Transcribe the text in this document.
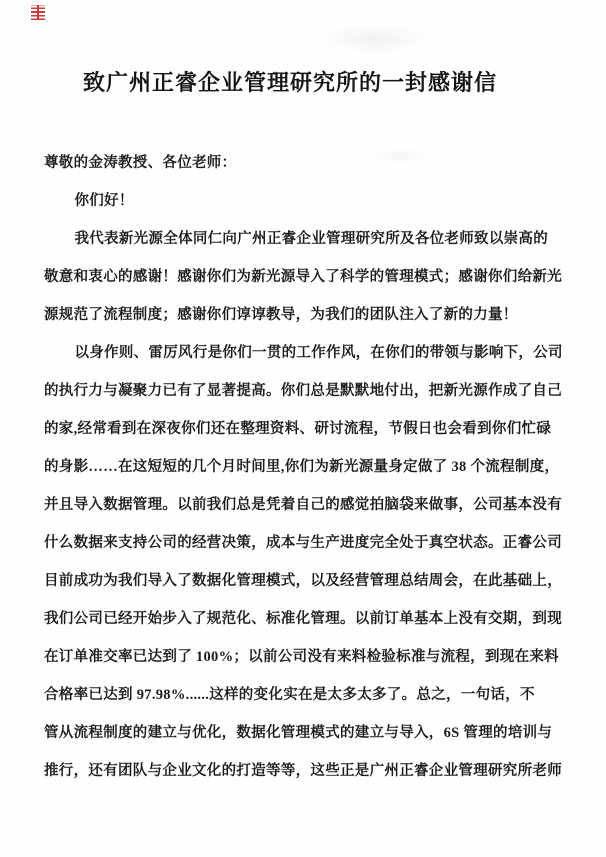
致广州正睿企业管理研究所的一封感谢信
尊敬的金涛教授、各位老师：
你们好！
我代表新光源全体同仁向广州正睿企业管理研究所及各位老师致以崇高的
敬意和衷心的感谢！感谢你们为新光源导入了科学的管理模式；感谢你们给新光
源规范了流程制度；感谢你们谆谆教导，为我们的团队注入了新的力量！
以身作则、雷厉风行是你们一贯的工作作风，在你们的带领与影响下，公司
的执行力与凝聚力已有了显著提高。你们总是默默地付出，把新光源作成了自己
的家,经常看到在深夜你们还在整理资料、研讨流程，节假日也会看到你们忙碌
的身影……在这短短的几个月时间里,你们为新光源量身定做了 38 个流程制度，
并且导入数据管理。以前我们总是凭着自己的感觉拍脑袋来做事，公司基本没有
什么数据来支持公司的经营决策，成本与生产进度完全处于真空状态。正睿公司
目前成功为我们导入了数据化管理模式，以及经营管理总结周会，在此基础上，
我们公司已经开始步入了规范化、标准化管理。以前订单基本上没有交期，到现
在订单准交率已达到了 100%；以前公司没有来料检验标准与流程，到现在来料
合格率已达到 97.98%......这样的变化实在是太多太多了。总之，一句话，不
管从流程制度的建立与优化，数据化管理模式的建立与导入，6S 管理的培训与
推行，还有团队与企业文化的打造等等，这些正是广州正睿企业管理研究所老师
